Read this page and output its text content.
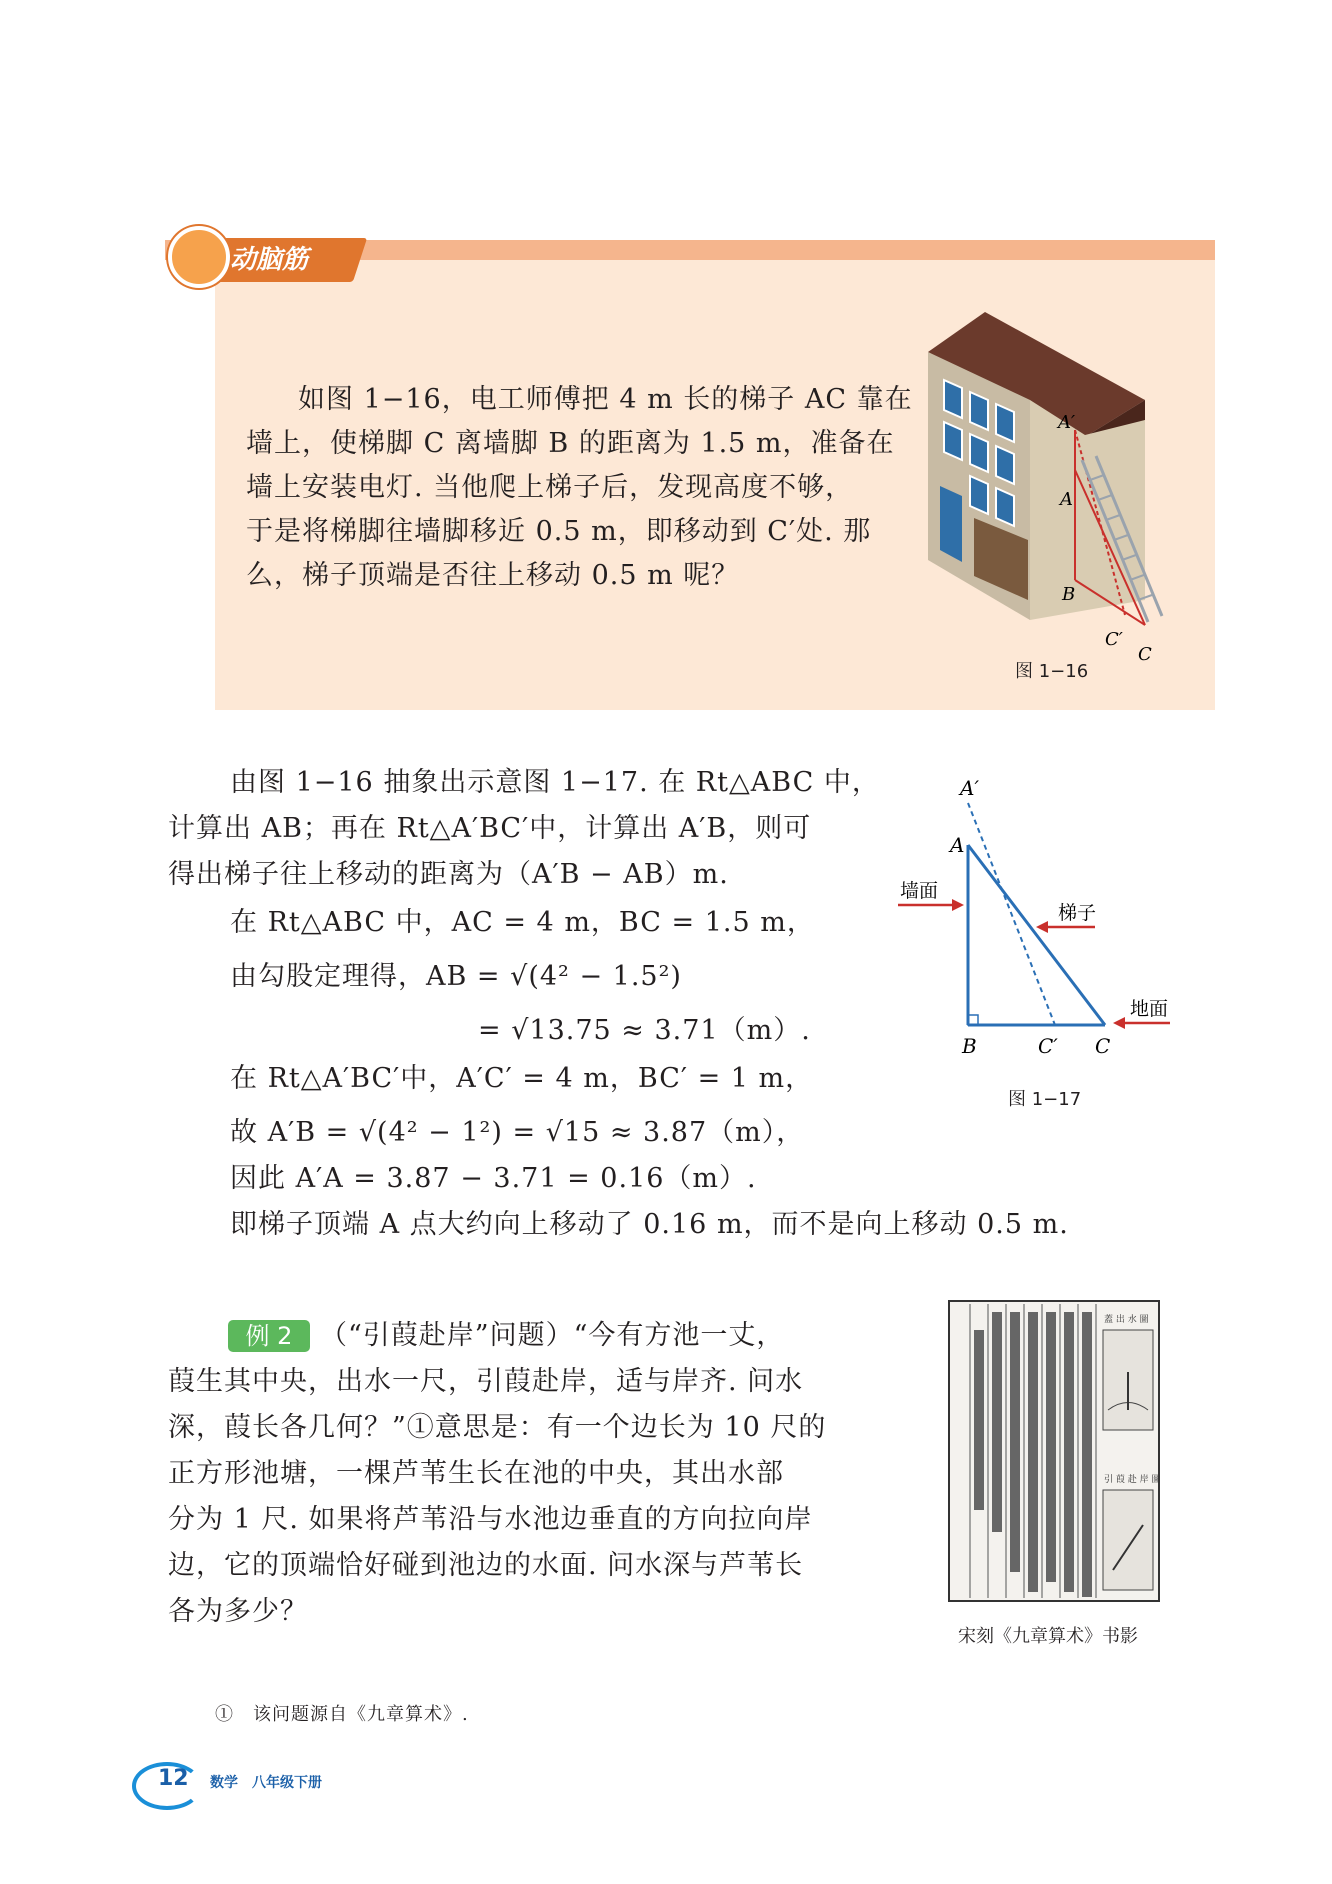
动脑筋
如图 1−16，电工师傅把 4 m 长的梯子 AC 靠在
墙上，使梯脚 C 离墙脚 B 的距离为 1.5 m，准备在
墙上安装电灯. 当他爬上梯子后，发现高度不够，
于是将梯脚往墙脚移近 0.5 m，即移动到 C′处. 那
么，梯子顶端是否往上移动 0.5 m 呢？
A′
A
B
C′
C
图 1−16
由图 1−16 抽象出示意图 1−17. 在 Rt△ABC 中，
计算出 AB；再在 Rt△A′BC′中，计算出 A′B，则可
得出梯子往上移动的距离为（A′B − AB）m.
在 Rt△ABC 中，AC = 4 m，BC = 1.5 m，
由勾股定理得，AB = √(4² − 1.5²)
= √13.75 ≈ 3.71（m）.
在 Rt△A′BC′中，A′C′ = 4 m，BC′ = 1 m，
故 A′B = √(4² − 1²) = √15 ≈ 3.87（m），
因此 A′A = 3.87 − 3.71 = 0.16（m）.
即梯子顶端 A 点大约向上移动了 0.16 m，而不是向上移动 0.5 m.
A′
A
B	C′ C
墙面
梯子
地面
图 1−17
例 2	（“引葭赴岸”问题）“今有方池一丈，
葭生其中央，出水一尺，引葭赴岸，适与岸齐. 问水
深，葭长各几何？”①意思是：有一个边长为 10 尺的
正方形池塘，一棵芦苇生长在池的中央，其出水部
分为 1 尺. 如果将芦苇沿与水池边垂直的方向拉向岸
边，它的顶端恰好碰到池边的水面. 问水深与芦苇长
各为多少？
蓋 出 水 圖
引 葭 赴 岸 圖
宋刻《九章算术》书影
①　该问题源自《九章算术》.
12 数学　八年级下册
